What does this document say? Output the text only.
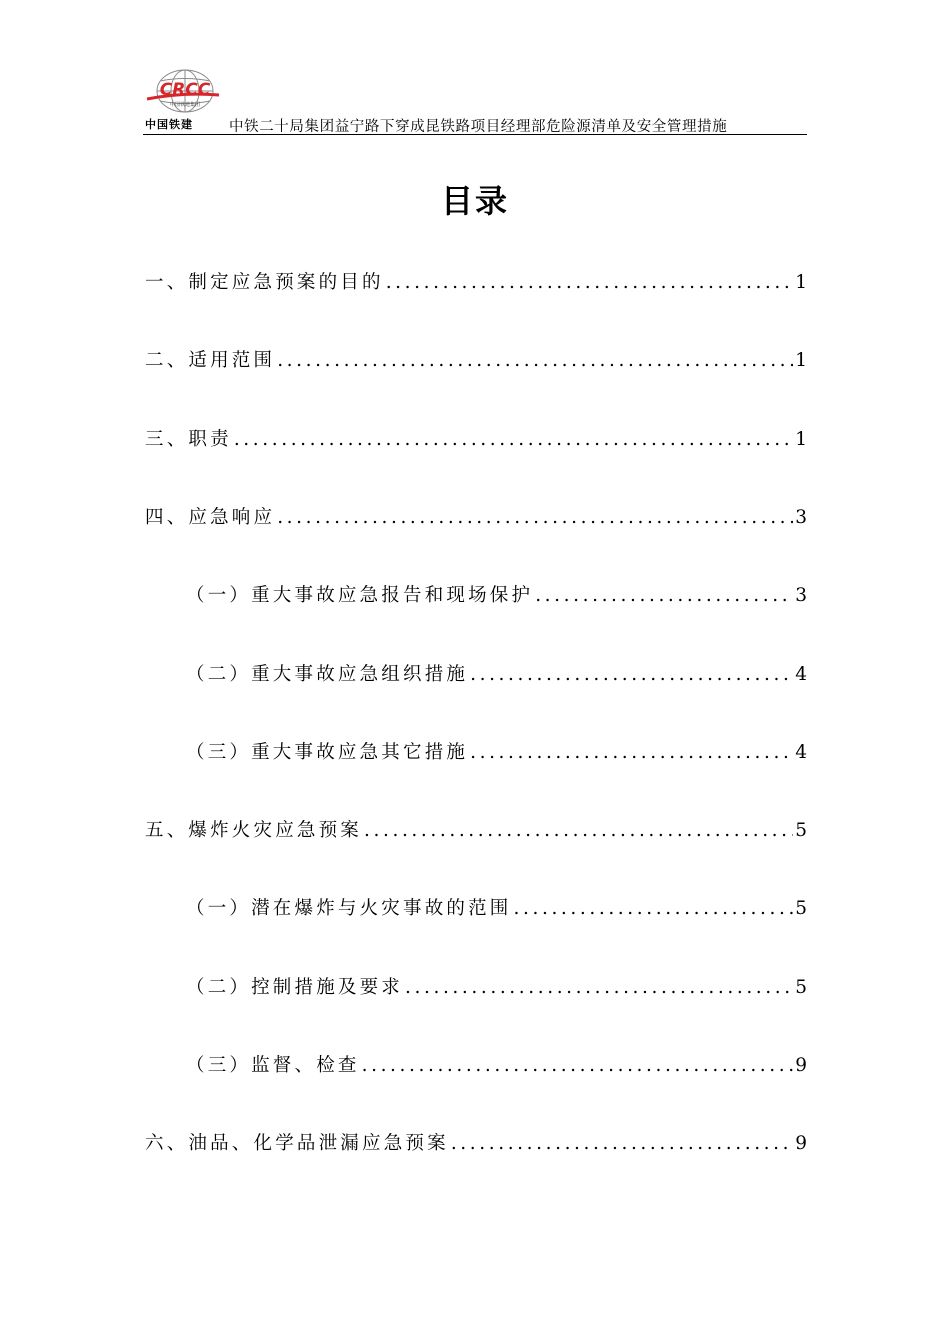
CRCC
中国铁建集团
中国铁建 中铁二十局集团益宁路下穿成昆铁路项目经理部危险源清单及安全管理措施
目录
一、制定应急预案的目的 .....	1
二、适用范围 .....	1
三、职责 .....	1
四、应急响应 .....	3
（一）重大事故应急报告和现场保护 .....	3
（二）重大事故应急组织措施 .....	4
（三）重大事故应急其它措施 .....	4
五、爆炸火灾应急预案 .....	5
（一）潜在爆炸与火灾事故的范围 .....	5
（二）控制措施及要求 .....	5
（三）监督、检查 .....	9
六、油品、化学品泄漏应急预案 .....	9
